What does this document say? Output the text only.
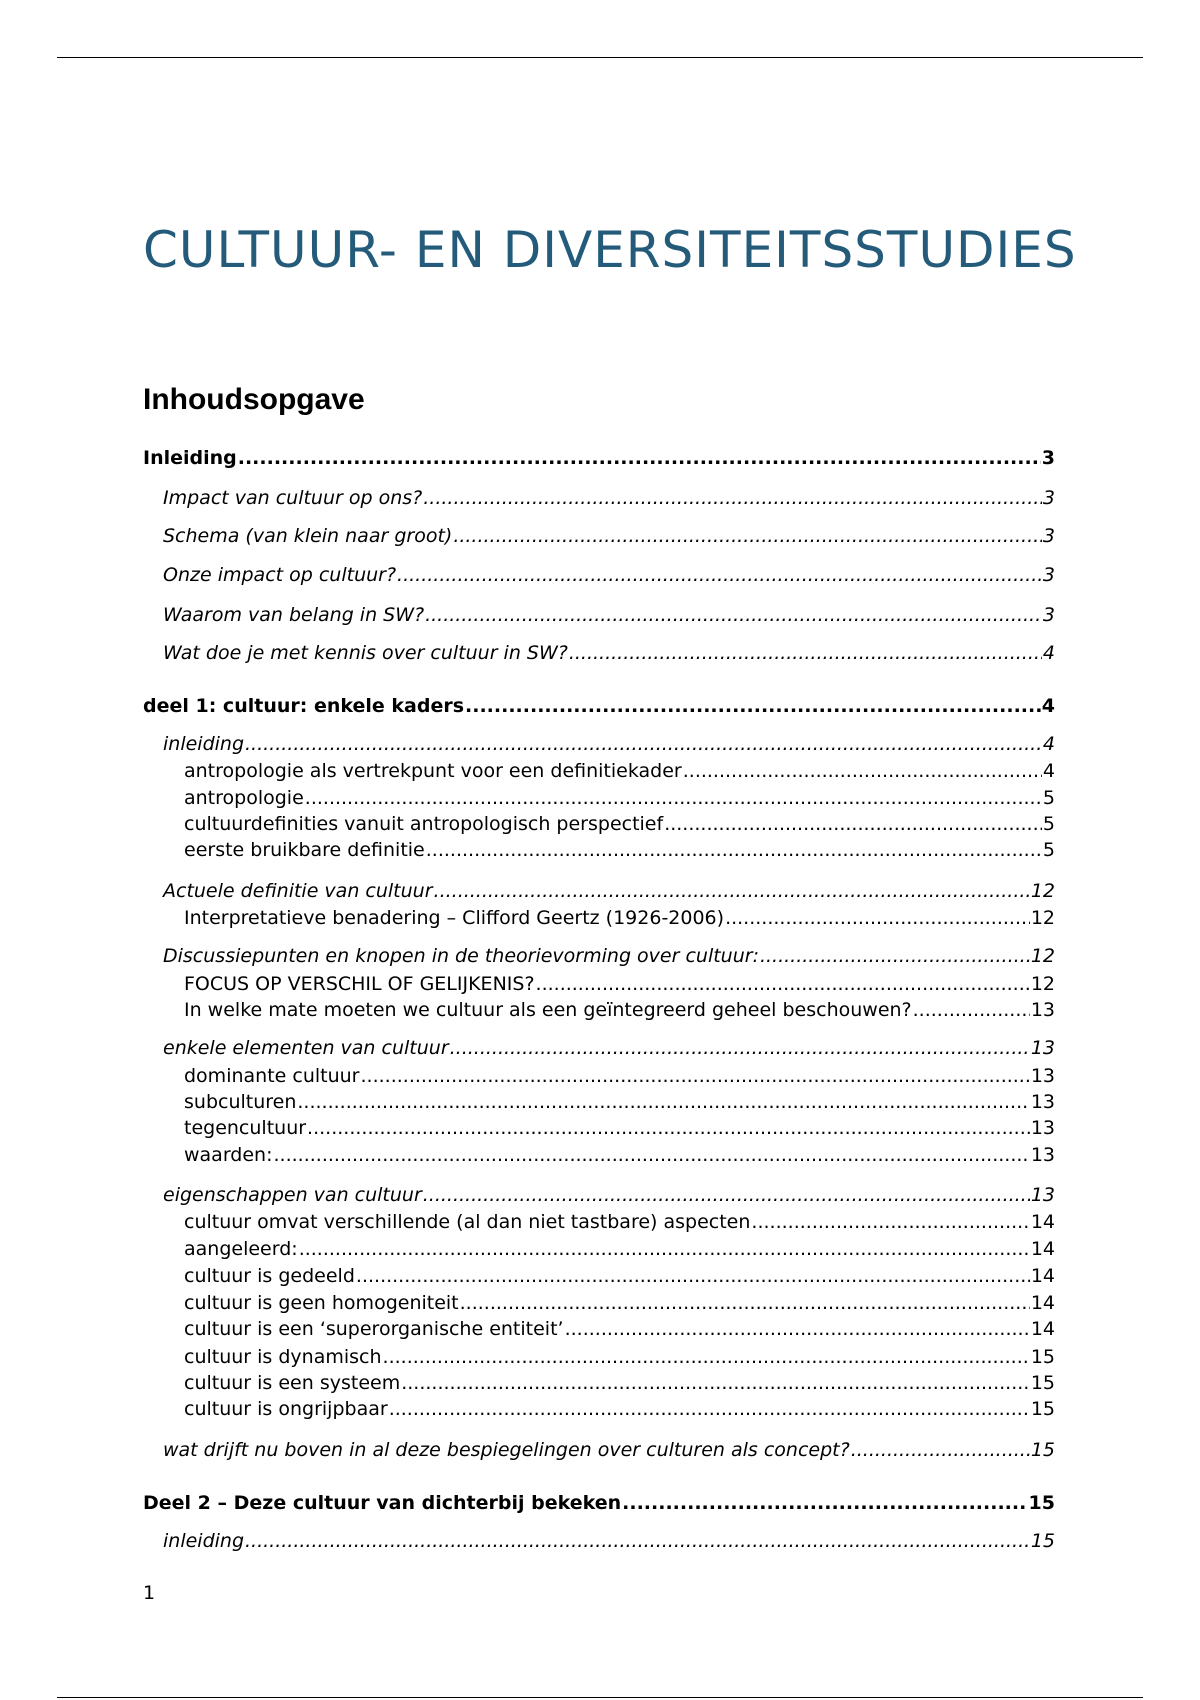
CULTUUR- EN DIVERSITEITSSTUDIES
Inhoudsopgave
Inleiding .....	3
Impact van cultuur op ons? .....	3
Schema (van klein naar groot) .....	3
Onze impact op cultuur? .....	3
Waarom van belang in SW? .....	3
Wat doe je met kennis over cultuur in SW? .....	4
deel 1: cultuur: enkele kaders .....	4
inleiding .....	4
antropologie als vertrekpunt voor een definitiekader .....	4
antropologie .....	5
cultuurdefinities vanuit antropologisch perspectief .....	5
eerste bruikbare definitie .....	5
Actuele definitie van cultuur .....	12
Interpretatieve benadering – Clifford Geertz (1926-2006) .....	12
Discussiepunten en knopen in de theorievorming over cultuur: .....	12
FOCUS OP VERSCHIL OF GELIJKENIS? .....	12
In welke mate moeten we cultuur als een geïntegreerd geheel beschouwen? .....	13
enkele elementen van cultuur .....	13
dominante cultuur .....	13
subculturen .....	13
tegencultuur .....	13
waarden: .....	13
eigenschappen van cultuur .....	13
cultuur omvat verschillende (al dan niet tastbare) aspecten .....	14
aangeleerd: .....	14
cultuur is gedeeld .....	14
cultuur is geen homogeniteit .....	14
cultuur is een ‘superorganische entiteit’ .....	14
cultuur is dynamisch .....	15
cultuur is een systeem .....	15
cultuur is ongrijpbaar .....	15
wat drijft nu boven in al deze bespiegelingen over culturen als concept? .....	15
Deel 2 – Deze cultuur van dichterbij bekeken .....	15
inleiding .....	15
1
